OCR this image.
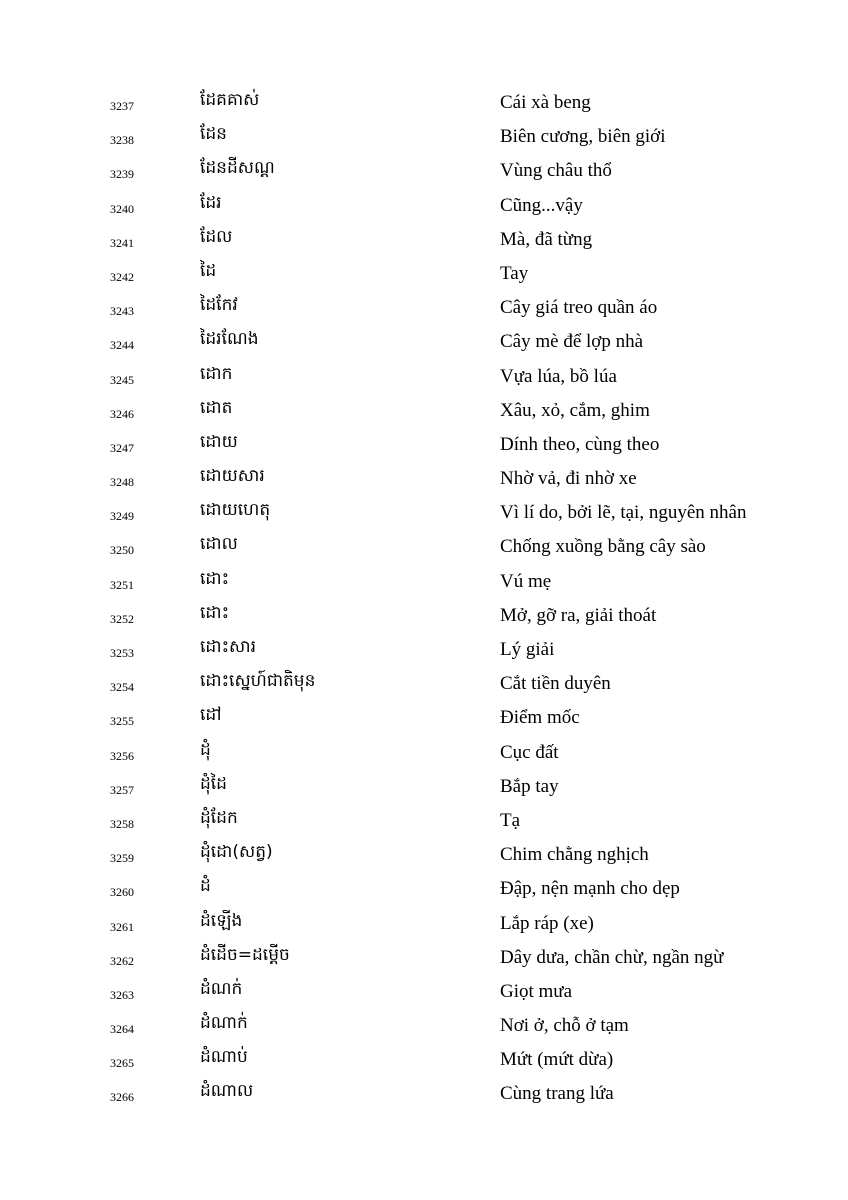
3237	ដែគគាស់	Cái xà beng
3238	ដែន	Biên cương, biên giới
3239	ដែនដីសណ្ដ	Vùng châu thổ
3240	ដែរ	Cũng...vậy
3241	ដែល	Mà, đã từng
3242	ដៃ	Tay
3243	ដៃកែវ	Cây giá treo quần áo
3244	ដៃរណែង	Cây mè để lợp nhà
3245	ដោក	Vựa lúa, bồ lúa
3246	ដោត	Xâu, xỏ, cắm, ghim
3247	ដោយ	Dính theo, cùng theo
3248	ដោយសារ	Nhờ vả, đi nhờ xe
3249	ដោយហេតុ	Vì lí do, bởi lẽ, tại, nguyên nhân
3250	ដោល	Chống xuồng bằng cây sào
3251	ដោះ	Vú mẹ
3252	ដោះ	Mở, gỡ ra, giải thoát
3253	ដោះសារ	Lý giải
3254	ដោះស្នេហ៍ជាតិមុន	Cắt tiền duyên
3255	ដៅ	Điểm mốc
3256	ដុំ	Cục đất
3257	ដុំដៃ	Bắp tay
3258	ដុំដែក	Tạ
3259	ដុំដោ(សត្វ)	Chim chằng nghịch
3260	ដំ	Đập, nện mạnh cho dẹp
3261	ដំឡើង	Lắp ráp (xe)
3262	ដំដើច=ដម្ដើច	Dây dưa, chần chừ, ngần ngừ
3263	ដំណក់	Giọt mưa
3264	ដំណាក់	Nơi ở, chỗ ở tạm
3265	ដំណាប់	Mứt (mứt dừa)
3266	ដំណាល	Cùng trang lứa
